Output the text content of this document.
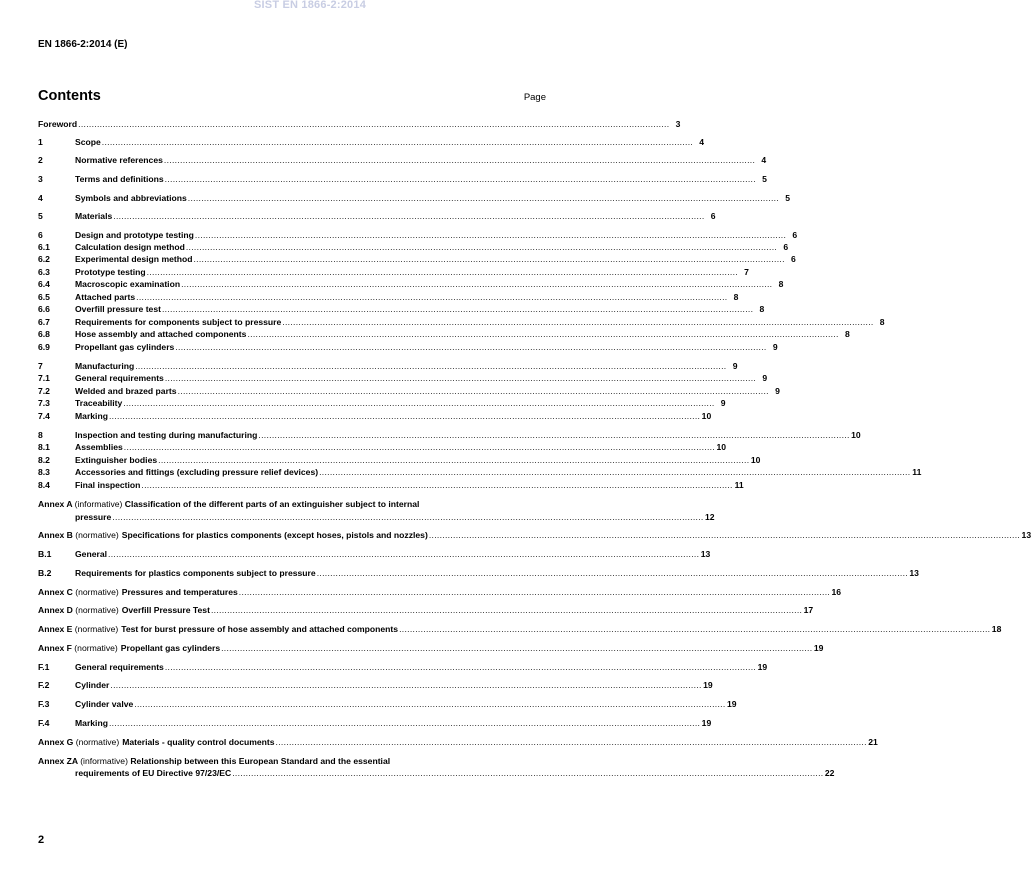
SIST EN 1866-2:2014
EN 1866-2:2014 (E)
Contents	Page
Foreword ............................................................................................................................................................................................................................ 3
1	Scope ............................................................................................................................................................................................................................ 4
2	Normative references ............................................................................................................................................................................................................................ 4
3	Terms and definitions ............................................................................................................................................................................................................................ 5
4	Symbols and abbreviations ............................................................................................................................................................................................................................ 5
5	Materials ............................................................................................................................................................................................................................ 6
6	Design and prototype testing ............................................................................................................................................................................................................................ 6
6.1	Calculation design method ............................................................................................................................................................................................................................ 6
6.2	Experimental design method ............................................................................................................................................................................................................................ 6
6.3	Prototype testing ............................................................................................................................................................................................................................ 7
6.4	Macroscopic examination ............................................................................................................................................................................................................................ 8
6.5	Attached parts ............................................................................................................................................................................................................................ 8
6.6	Overfill pressure test ............................................................................................................................................................................................................................ 8
6.7	Requirements for components subject to pressure ............................................................................................................................................................................................................................ 8
6.8	Hose assembly and attached components ............................................................................................................................................................................................................................ 8
6.9	Propellant gas cylinders ............................................................................................................................................................................................................................ 9
7	Manufacturing ............................................................................................................................................................................................................................ 9
7.1	General requirements ............................................................................................................................................................................................................................ 9
7.2	Welded and brazed parts ............................................................................................................................................................................................................................ 9
7.3	Traceability ............................................................................................................................................................................................................................ 9
7.4	Marking ............................................................................................................................................................................................................................ 10
8	Inspection and testing during manufacturing ............................................................................................................................................................................................................................ 10
8.1	Assemblies ............................................................................................................................................................................................................................ 10
8.2	Extinguisher bodies ............................................................................................................................................................................................................................ 10
8.3	Accessories and fittings (excluding pressure relief devices) ............................................................................................................................................................................................................................ 11
8.4	Final inspection ............................................................................................................................................................................................................................ 11
Annex A (informative) Classification of the different parts of an extinguisher subject to internal
pressure ............................................................................................................................................................................................................................ 12
Annex B (normative) Specifications for plastics components (except hoses, pistols and nozzles) ............................................................................................................................................................................................................................ 13
B.1	General ............................................................................................................................................................................................................................ 13
B.2	Requirements for plastics components subject to pressure ............................................................................................................................................................................................................................ 13
Annex C (normative) Pressures and temperatures ............................................................................................................................................................................................................................ 16
Annex D (normative) Overfill Pressure Test ............................................................................................................................................................................................................................ 17
Annex E (normative) Test for burst pressure of hose assembly and attached components ............................................................................................................................................................................................................................ 18
Annex F (normative) Propellant gas cylinders ............................................................................................................................................................................................................................ 19
F.1	General requirements ............................................................................................................................................................................................................................ 19
F.2	Cylinder ............................................................................................................................................................................................................................ 19
F.3	Cylinder valve ............................................................................................................................................................................................................................ 19
F.4	Marking ............................................................................................................................................................................................................................ 19
Annex G (normative) Materials - quality control documents ............................................................................................................................................................................................................................ 21
Annex ZA (informative) Relationship between this European Standard and the essential
requirements of EU Directive 97/23/EC ............................................................................................................................................................................................................................ 22
2
